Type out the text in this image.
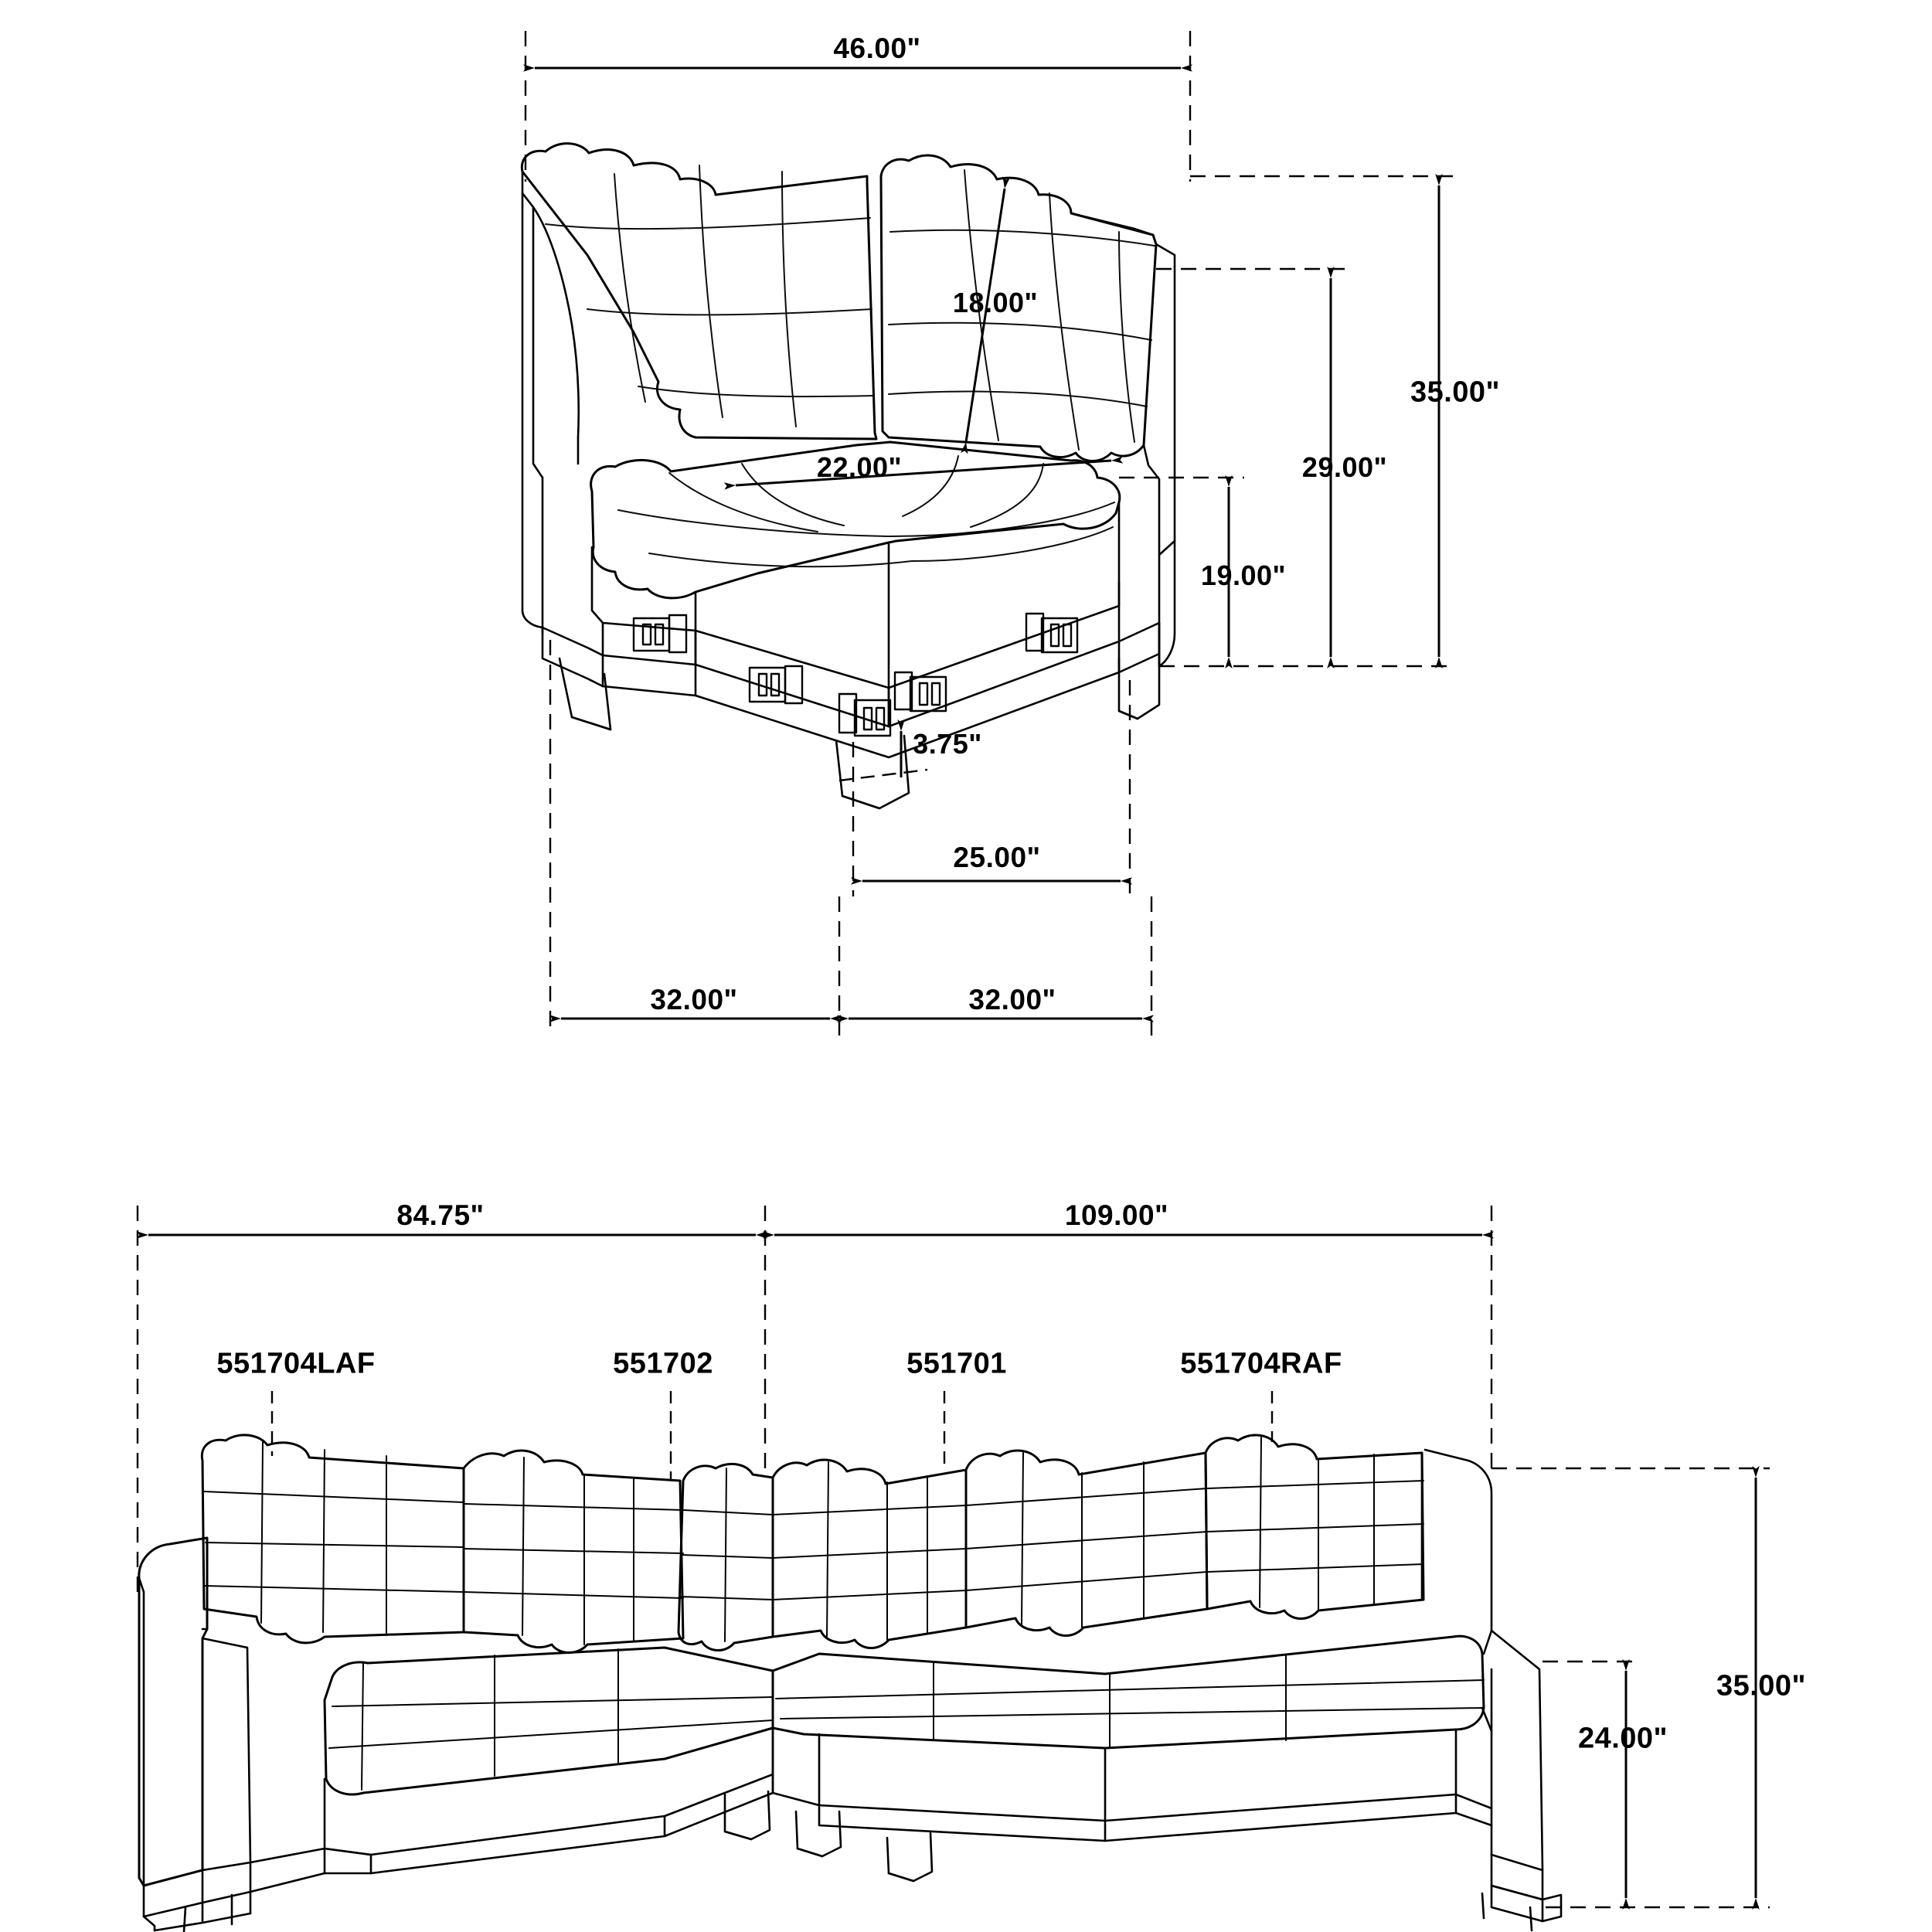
46.00"
18.00"
35.00"
29.00"
22.00"
19.00"
3.75"
25.00"
32.00"	32.00"
84.75"	109.00"
35.00"
24.00"
551704LAF	551702	551701	551704RAF
